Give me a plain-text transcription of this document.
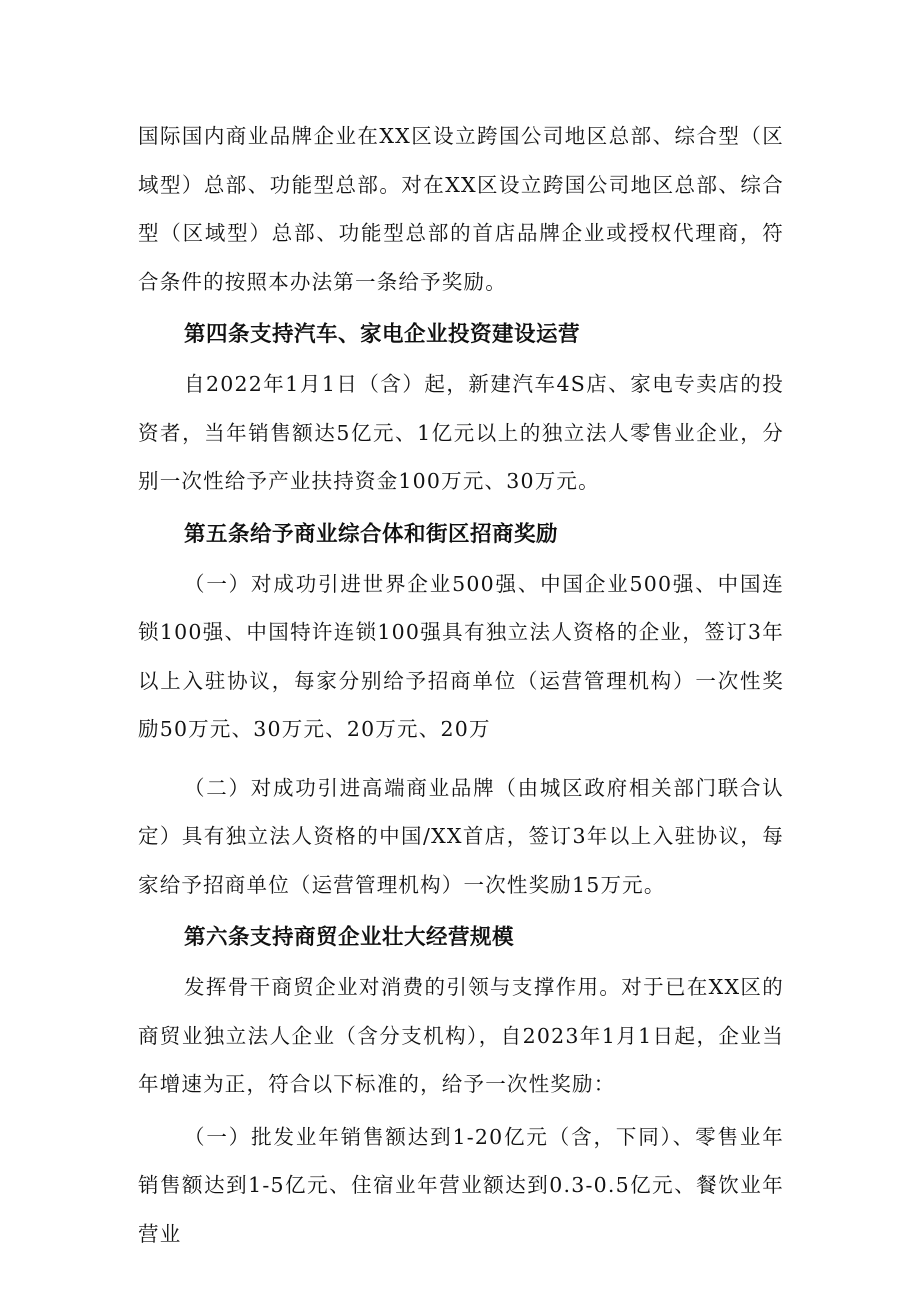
国际国内商业品牌企业在XX区设立跨国公司地区总部、综合型（区域型）总部、功能型总部。对在XX区设立跨国公司地区总部、综合型（区域型）总部、功能型总部的首店品牌企业或授权代理商，符合条件的按照本办法第一条给予奖励。

第四条支持汽车、家电企业投资建设运营

自2022年1月1日（含）起，新建汽车4S店、家电专卖店的投资者，当年销售额达5亿元、1亿元以上的独立法人零售业企业，分别一次性给予产业扶持资金100万元、30万元。

第五条给予商业综合体和街区招商奖励

（一）对成功引进世界企业500强、中国企业500强、中国连锁100强、中国特许连锁100强具有独立法人资格的企业，签订3年以上入驻协议，每家分别给予招商单位（运营管理机构）一次性奖励50万元、30万元、20万元、20万

（二）对成功引进高端商业品牌（由城区政府相关部门联合认定）具有独立法人资格的中国/XX首店，签订3年以上入驻协议，每家给予招商单位（运营管理机构）一次性奖励15万元。

第六条支持商贸企业壮大经营规模

发挥骨干商贸企业对消费的引领与支撑作用。对于已在XX区的商贸业独立法人企业（含分支机构），自2023年1月1日起，企业当年增速为正，符合以下标准的，给予一次性奖励：

（一）批发业年销售额达到1-20亿元（含，下同）、零售业年销售额达到1-5亿元、住宿业年营业额达到0.3-0.5亿元、餐饮业年营业
